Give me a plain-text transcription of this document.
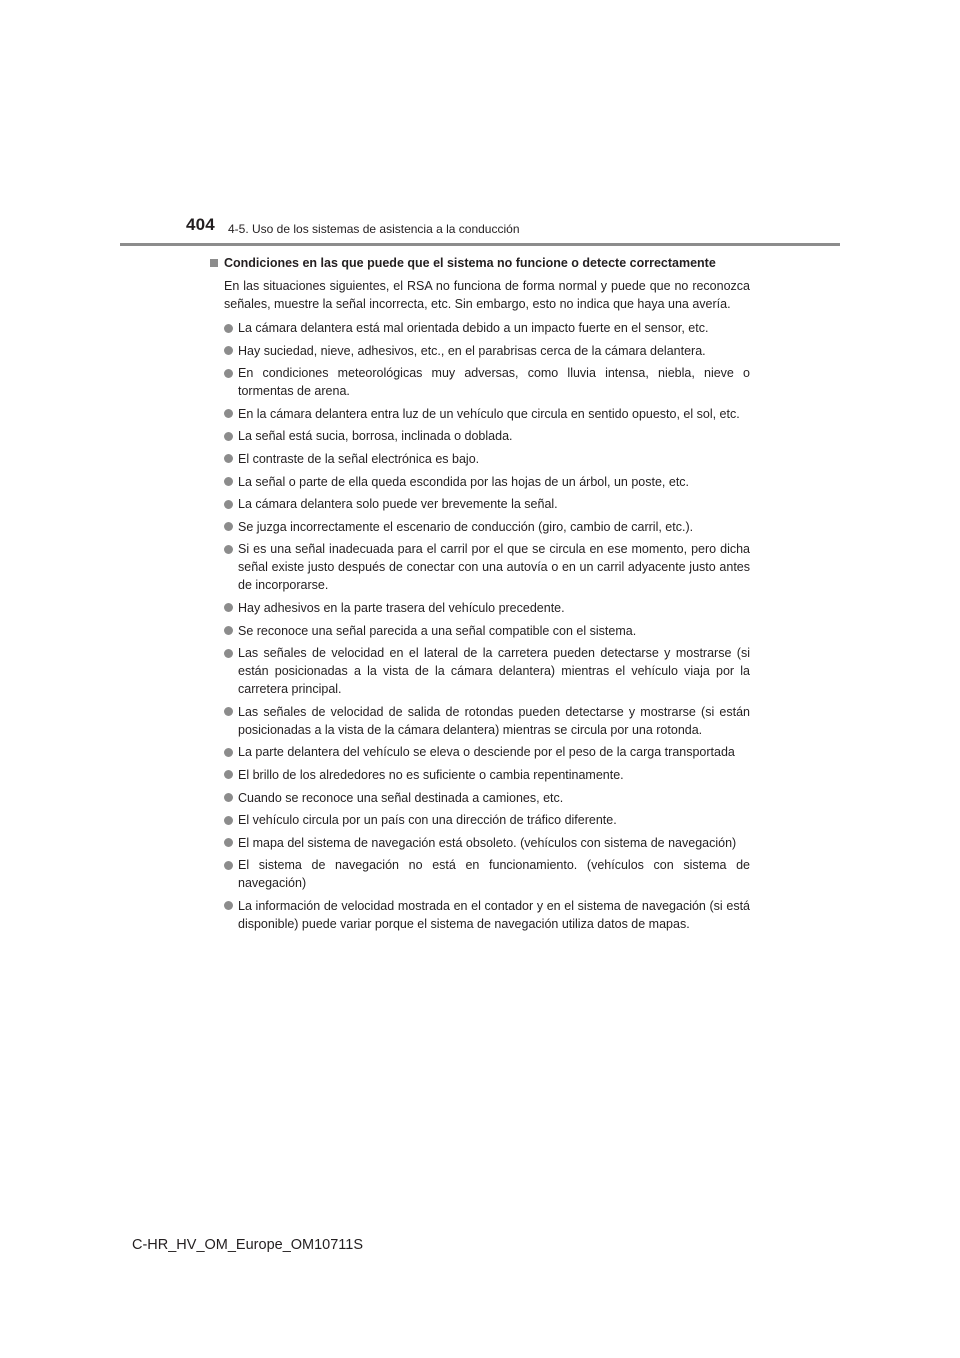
404 4-5. Uso de los sistemas de asistencia a la conducción
Condiciones en las que puede que el sistema no funcione o detecte correctamente

En las situaciones siguientes, el RSA no funciona de forma normal y puede que no reconozca señales, muestre la señal incorrecta, etc. Sin embargo, esto no indica que haya una avería.

La cámara delantera está mal orientada debido a un impacto fuerte en el sensor, etc.
Hay suciedad, nieve, adhesivos, etc., en el parabrisas cerca de la cámara delantera.
En condiciones meteorológicas muy adversas, como lluvia intensa, niebla, nieve o tormentas de arena.
En la cámara delantera entra luz de un vehículo que circula en sentido opuesto, el sol, etc.
La señal está sucia, borrosa, inclinada o doblada.
El contraste de la señal electrónica es bajo.
La señal o parte de ella queda escondida por las hojas de un árbol, un poste, etc.
La cámara delantera solo puede ver brevemente la señal.
Se juzga incorrectamente el escenario de conducción (giro, cambio de carril, etc.).
Si es una señal inadecuada para el carril por el que se circula en ese momento, pero dicha señal existe justo después de conectar con una autovía o en un carril adyacente justo antes de incorporarse.
Hay adhesivos en la parte trasera del vehículo precedente.
Se reconoce una señal parecida a una señal compatible con el sistema.
Las señales de velocidad en el lateral de la carretera pueden detectarse y mostrarse (si están posicionadas a la vista de la cámara delantera) mientras el vehículo viaja por la carretera principal.
Las señales de velocidad de salida de rotondas pueden detectarse y mostrarse (si están posicionadas a la vista de la cámara delantera) mientras se circula por una rotonda.
La parte delantera del vehículo se eleva o desciende por el peso de la carga transportada
El brillo de los alrededores no es suficiente o cambia repentinamente.
Cuando se reconoce una señal destinada a camiones, etc.
El vehículo circula por un país con una dirección de tráfico diferente.
El mapa del sistema de navegación está obsoleto. (vehículos con sistema de navegación)
El sistema de navegación no está en funcionamiento. (vehículos con sistema de navegación)
La información de velocidad mostrada en el contador y en el sistema de navegación (si está disponible) puede variar porque el sistema de navegación utiliza datos de mapas.
C-HR_HV_OM_Europe_OM10711S
